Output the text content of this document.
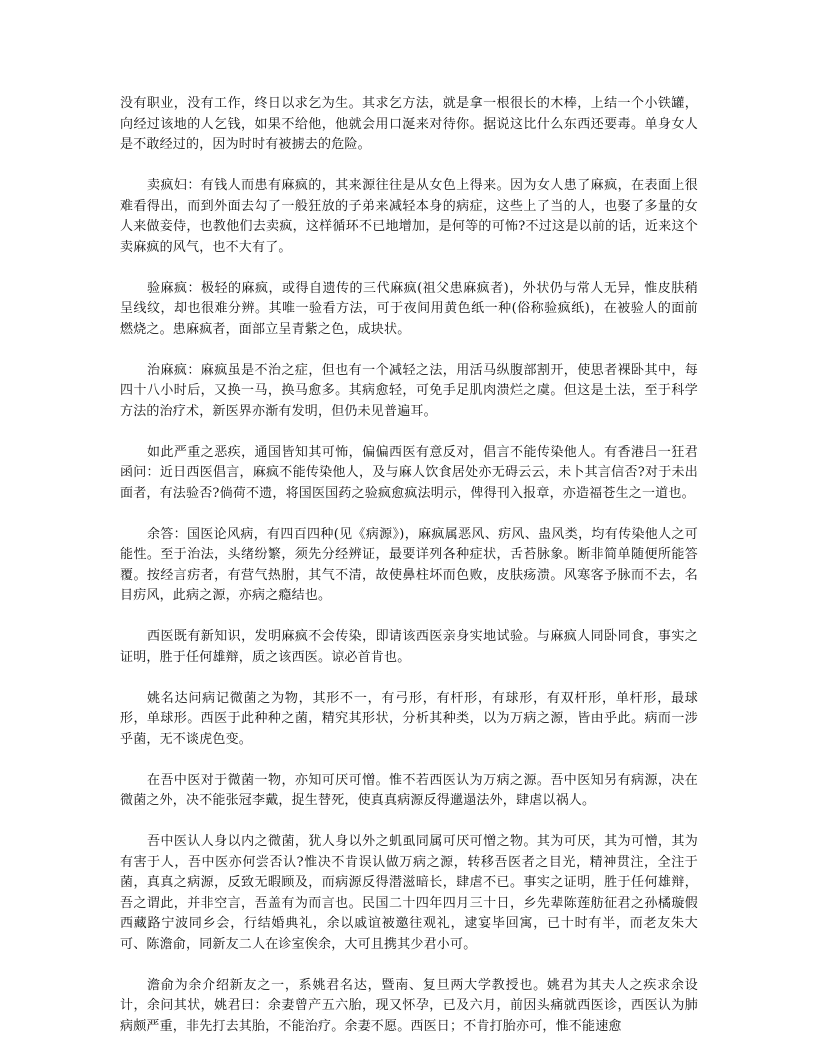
没有职业，没有工作，终日以求乞为生。其求乞方法，就是拿一根很长的木棒，上结一个小铁罐，向经过该地的人乞钱，如果不给他，他就会用口涎来对待你。据说这比什么东西还要毒。单身女人是不敢经过的，因为时时有被掳去的危险。

卖疯妇：有钱人而患有麻疯的，其来源往往是从女色上得来。因为女人患了麻疯，在表面上很难看得出，而到外面去勾了一般狂放的子弟来减轻本身的病症，这些上了当的人，也娶了多量的女人来做妾侍，也教他们去卖疯，这样循环不已地增加，是何等的可怖?不过这是以前的话，近来这个卖麻疯的风气，也不大有了。

验麻疯：极轻的麻疯，或得自遗传的三代麻疯(祖父患麻疯者)，外状仍与常人无异，惟皮肤稍呈线纹，却也很难分辨。其唯一验看方法，可于夜间用黄色纸一种(俗称验疯纸)，在被验人的面前燃烧之。患麻疯者，面部立呈青紫之色，成块状。

治麻疯：麻疯虽是不治之症，但也有一个减轻之法，用活马纵腹部割开，使思者裸卧其中，每四十八小时后，又换一马，换马愈多。其病愈轻，可免手足肌肉溃烂之虞。但这是土法，至于科学方法的治疗术，新医界亦渐有发明，但仍未见普遍耳。

如此严重之恶疾，通国皆知其可怖，偏偏西医有意反对，倡言不能传染他人。有香港吕一狂君函问：近日西医倡言，麻疯不能传染他人，及与麻人饮食居处亦无碍云云，未卜其言信否?对于未出面者，有法验否?倘荷不遗，将国医国药之验疯愈疯法明示，俾得刊入报章，亦造福苍生之一道也。

余答：国医论风病，有四百四种(见《病源》)，麻疯属恶风、疠风、蛊风类，均有传染他人之可能性。至于治法，头绪纷繁，须先分经辨证，最要详列各种症状，舌苔脉象。断非简单随便所能答覆。按经言疠者，有营气热胕，其气不清，故使鼻柱坏而色败，皮肤疡溃。风寒客予脉而不去，名目疠风，此病之源，亦病之瘾结也。

西医既有新知识，发明麻疯不会传染，即请该西医亲身实地试验。与麻疯人同卧同食，事实之证明，胜于任何雄辩，质之该西医。谅必首肯也。

姚名达问病记微菌之为物，其形不一，有弓形，有杆形，有球形，有双杆形，单杆形，最球形，单球形。西医于此种种之菌，精究其形状，分析其种类，以为万病之源，皆由乎此。病而一涉乎菌，无不谈虎色变。

在吾中医对于微菌一物，亦知可厌可憎。惟不若西医认为万病之源。吾中医知另有病源，决在微菌之外，决不能张冠李戴，捉生替死，使真真病源反得邋遢法外，肆虐以祸人。

吾中医认人身以内之微菌，犹人身以外之虮虱同属可厌可憎之物。其为可厌，其为可憎，其为有害于人，吾中医亦何尝否认?惟决不肯误认做万病之源，转移吾医者之目光，精神贯注，全注于菌，真真之病源，反致无暇顾及，而病源反得潜滋暗长，肆虐不已。事实之证明，胜于任何雄辩，吾之谓此，并非空言，吾盖有为而言也。民国二十四年四月三十日，乡先辈陈莲舫征君之孙橘璇假西藏路宁波同乡会，行结婚典礼，余以戚谊被邀往观礼，逮宴毕回寓，已十时有半，而老友朱大可、陈澹俞，同新友二人在诊室俟余，大可且携其少君小可。

澹俞为余介绍新友之一，系姚君名达，暨南、复旦两大学教授也。姚君为其夫人之疾求余设计，余问其状，姚君曰：余妻曾产五六胎，现又怀孕，已及六月，前因头痛就西医诊，西医认为肺病颇严重，非先打去其胎，不能治疗。余妻不愿。西医日；不肯打胎亦可，惟不能速愈
